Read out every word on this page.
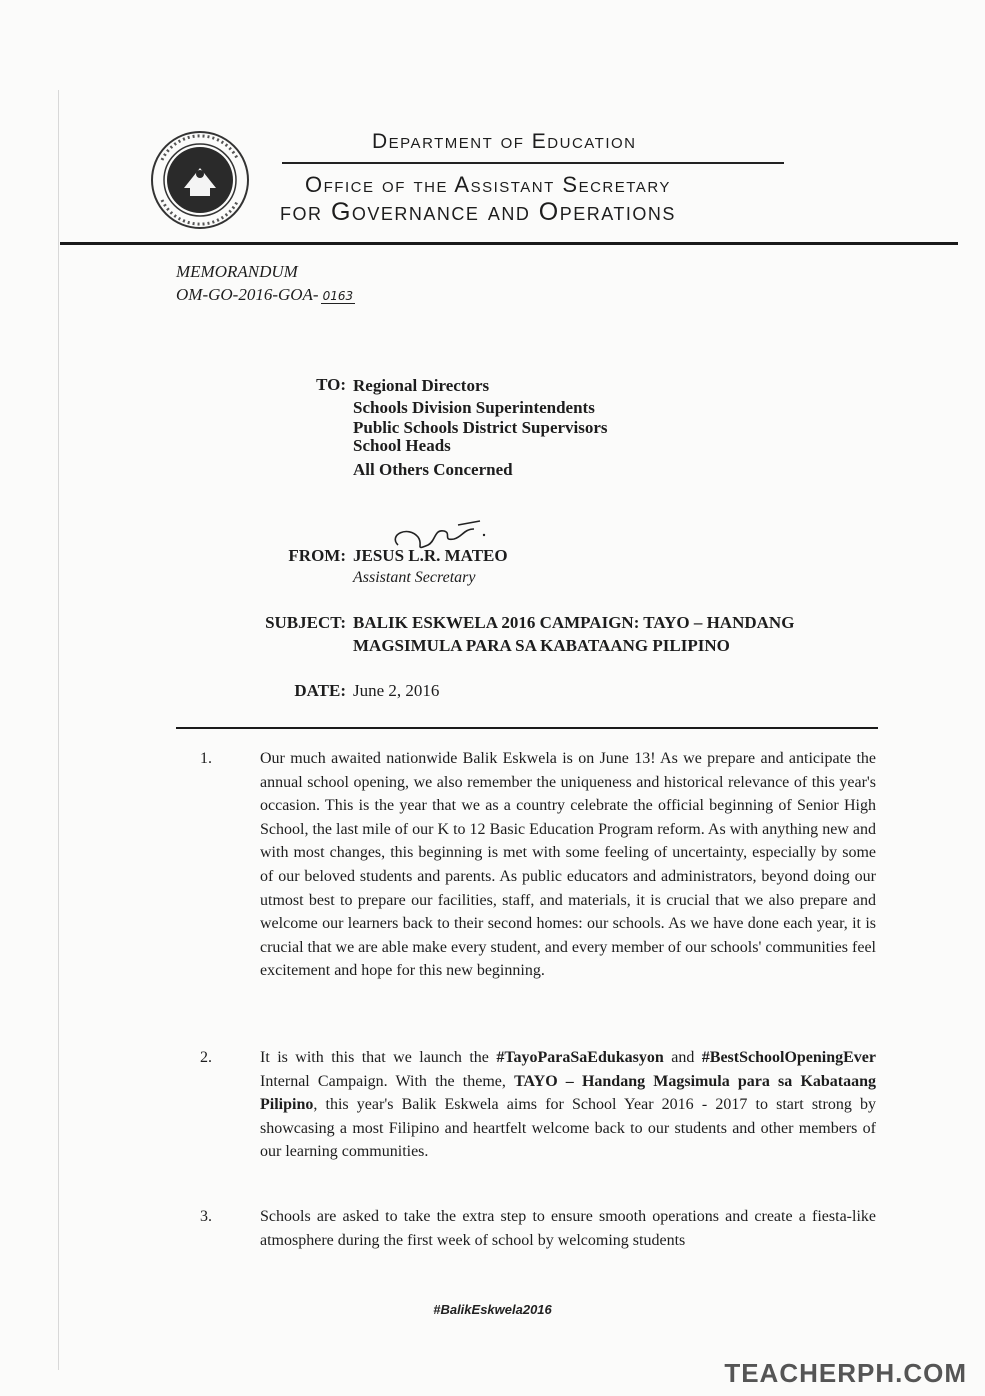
Department of Education
Office of the Assistant Secretary
for Governance and Operations
MEMORANDUM
OM-GO-2016-GOA- 0163
TO: Regional Directors
Schools Division Superintendents
Public Schools District Supervisors
School Heads
All Others Concerned
FROM: JESUS L.R. MATEO
Assistant Secretary
SUBJECT: BALIK ESKWELA 2016 CAMPAIGN: TAYO – HANDANG
MAGSIMULA PARA SA KABATAANG PILIPINO
DATE: June 2, 2016
1.	Our much awaited nationwide Balik Eskwela is on June 13! As we prepare and anticipate the annual school opening, we also remember the uniqueness and historical relevance of this year's occasion. This is the year that we as a country celebrate the official beginning of Senior High School, the last mile of our K to 12 Basic Education Program reform. As with anything new and with most changes, this beginning is met with some feeling of uncertainty, especially by some of our beloved students and parents. As public educators and administrators, beyond doing our utmost best to prepare our facilities, staff, and materials, it is crucial that we also prepare and welcome our learners back to their second homes: our schools. As we have done each year, it is crucial that we are able make every student, and every member of our schools' communities feel excitement and hope for this new beginning.
2.	It is with this that we launch the #TayoParaSaEdukasyon and #BestSchoolOpeningEver Internal Campaign. With the theme, TAYO – Handang Magsimula para sa Kabataang Pilipino, this year's Balik Eskwela aims for School Year 2016 - 2017 to start strong by showcasing a most Filipino and heartfelt welcome back to our students and other members of our learning communities.
3.	Schools are asked to take the extra step to ensure smooth operations and create a fiesta-like atmosphere during the first week of school by welcoming students
#BalikEskwela2016
TEACHERPH.COM
